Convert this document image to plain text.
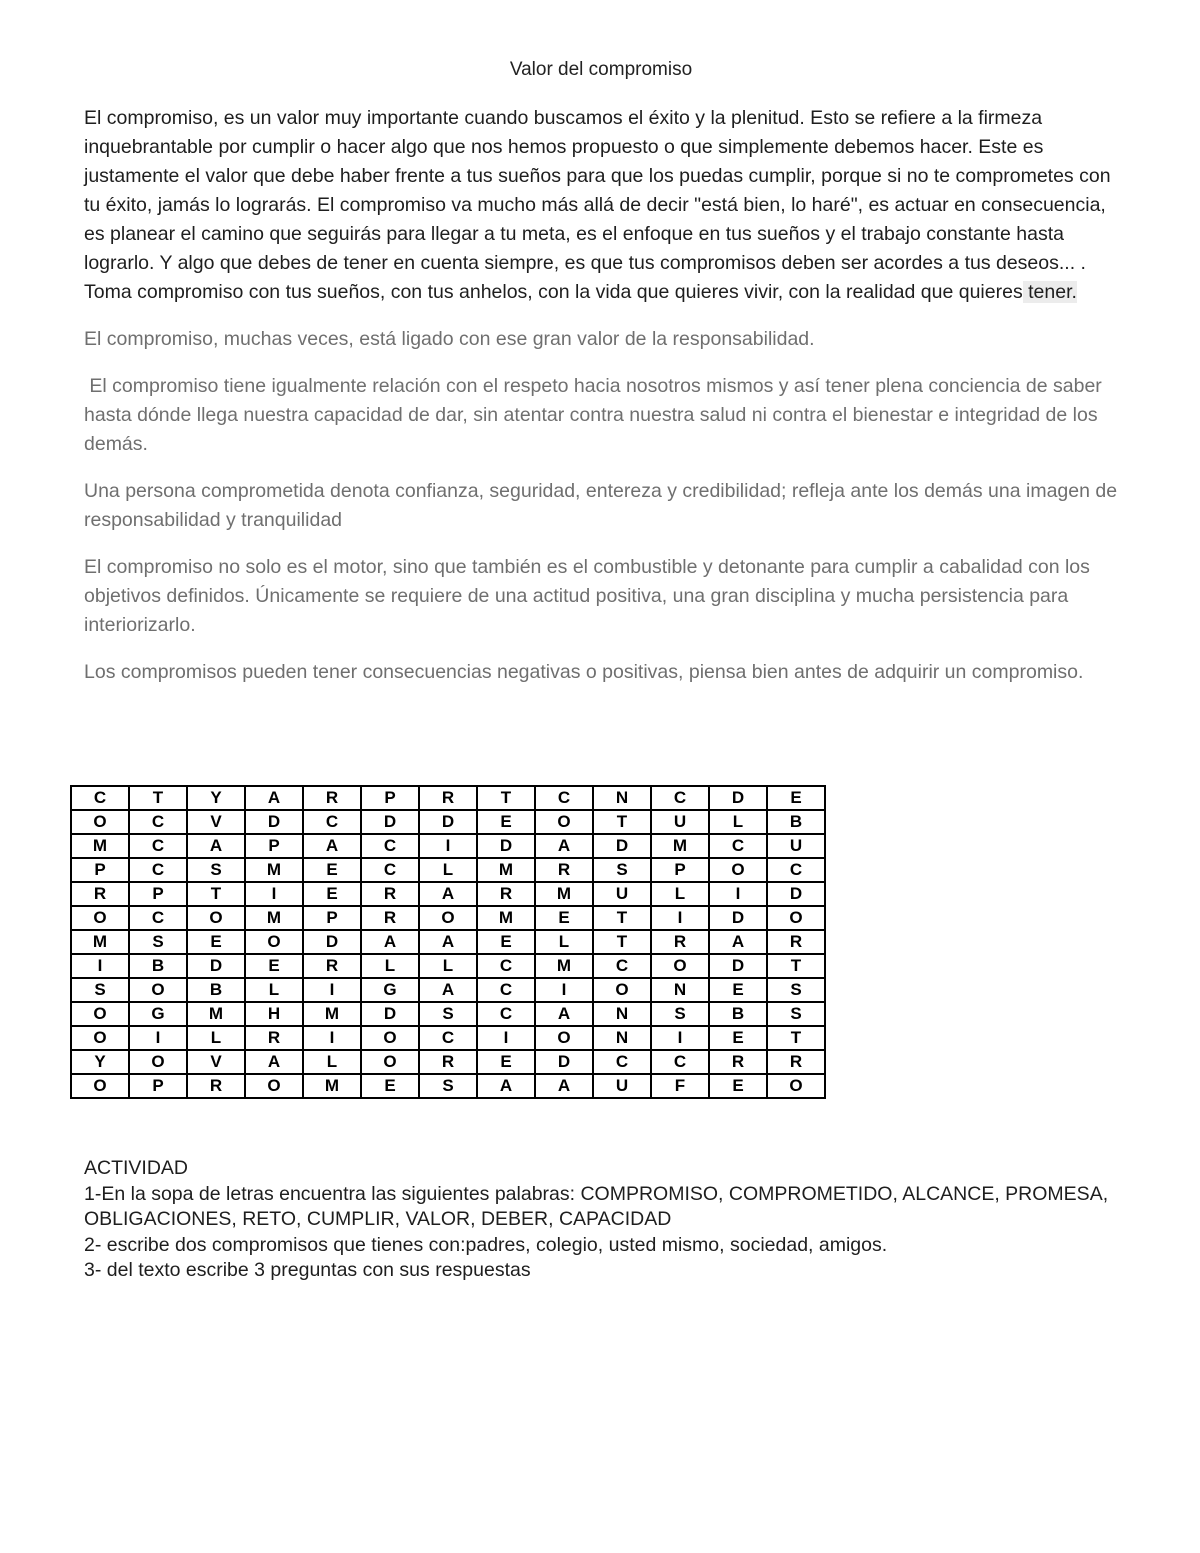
Valor del compromiso

El compromiso, es un valor muy importante cuando buscamos el éxito y la plenitud. Esto se refiere a la firmeza inquebrantable por cumplir o hacer algo que nos hemos propuesto o que simplemente debemos hacer. Este es justamente el valor que debe haber frente a tus sueños para que los puedas cumplir, porque si no te comprometes con tu éxito, jamás lo lograrás. El compromiso va mucho más allá de decir "está bien, lo haré", es actuar en consecuencia, es planear el camino que seguirás para llegar a tu meta, es el enfoque en tus sueños y el trabajo constante hasta lograrlo. Y algo que debes de tener en cuenta siempre, es que tus compromisos deben ser acordes a tus deseos... . Toma compromiso con tus sueños, con tus anhelos, con la vida que quieres vivir, con la realidad que quieres tener.

El compromiso, muchas veces, está ligado con ese gran valor de la responsabilidad.

El compromiso tiene igualmente relación con el respeto hacia nosotros mismos y así tener plena conciencia de saber hasta dónde llega nuestra capacidad de dar, sin atentar contra nuestra salud ni contra el bienestar e integridad de los demás.

Una persona comprometida denota confianza, seguridad, entereza y credibilidad; refleja ante los demás una imagen de responsabilidad y tranquilidad

El compromiso no solo es el motor, sino que también es el combustible y detonante para cumplir a cabalidad con los objetivos definidos. Únicamente se requiere de una actitud positiva, una gran disciplina y mucha persistencia para interiorizarlo.

Los compromisos pueden tener consecuencias negativas o positivas, piensa bien antes de adquirir un compromiso.

C	T	Y	A	R	P	R	T	C	N	C	D	E
O	C	V	D	C	D	D	E	O	T	U	L	B
M	C	A	P	A	C	I	D	A	D	M	C	U
P	C	S	M	E	C	L	M	R	S	P	O	C
R	P	T	I	E	R	A	R	M	U	L	I	D
O	C	O	M	P	R	O	M	E	T	I	D	O
M	S	E	O	D	A	A	E	L	T	R	A	R
I	B	D	E	R	L	L	C	M	C	O	D	T
S	O	B	L	I	G	A	C	I	O	N	E	S
O	G	M	H	M	D	S	C	A	N	S	B	S
O	I	L	R	I	O	C	I	O	N	I	E	T
Y	O	V	A	L	O	R	E	D	C	C	R	R
O	P	R	O	M	E	S	A	A	U	F	E	O
ACTIVIDAD
1-En la sopa de letras encuentra las siguientes palabras: COMPROMISO, COMPROMETIDO, ALCANCE, PROMESA, OBLIGACIONES, RETO, CUMPLIR, VALOR, DEBER, CAPACIDAD
2- escribe dos compromisos que tienes con:padres, colegio, usted mismo, sociedad, amigos.
3- del texto escribe 3 preguntas con sus respuestas
